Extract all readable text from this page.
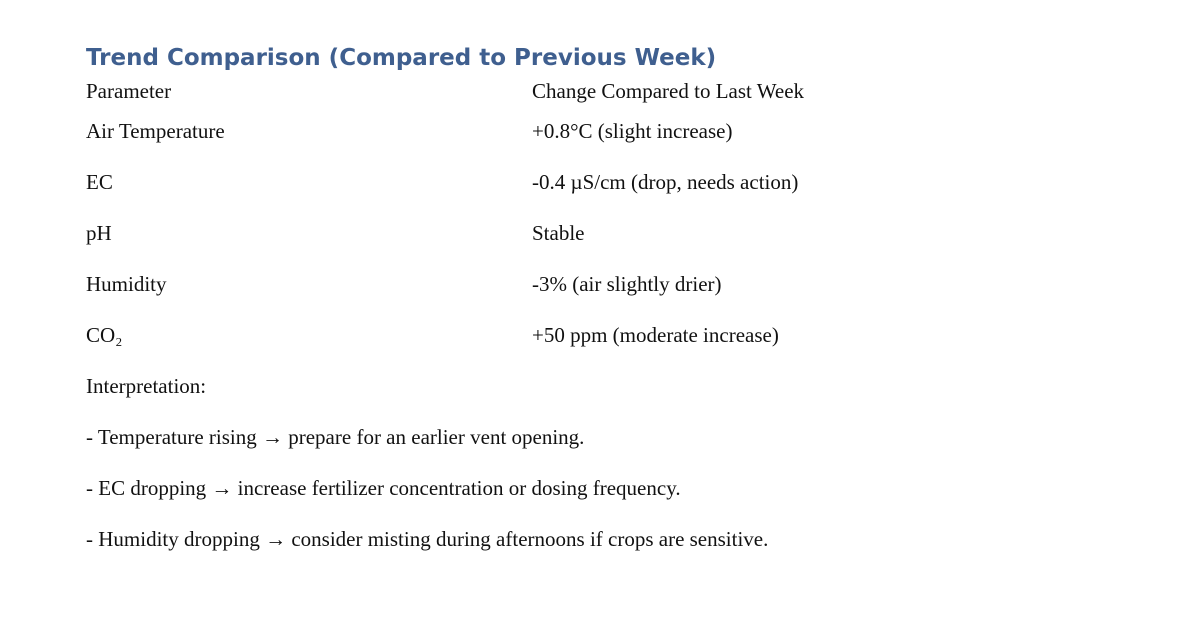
Trend Comparison (Compared to Previous Week)
Parameter	Change Compared to Last Week
Air Temperature	+0.8°C (slight increase)
EC	-0.4 µS/cm (drop, needs action)
pH	Stable
Humidity	-3% (air slightly drier)
CO₂	+50 ppm (moderate increase)
Interpretation:
- Temperature rising → prepare for an earlier vent opening.
- EC dropping → increase fertilizer concentration or dosing frequency.
- Humidity dropping → consider misting during afternoons if crops are sensitive.
